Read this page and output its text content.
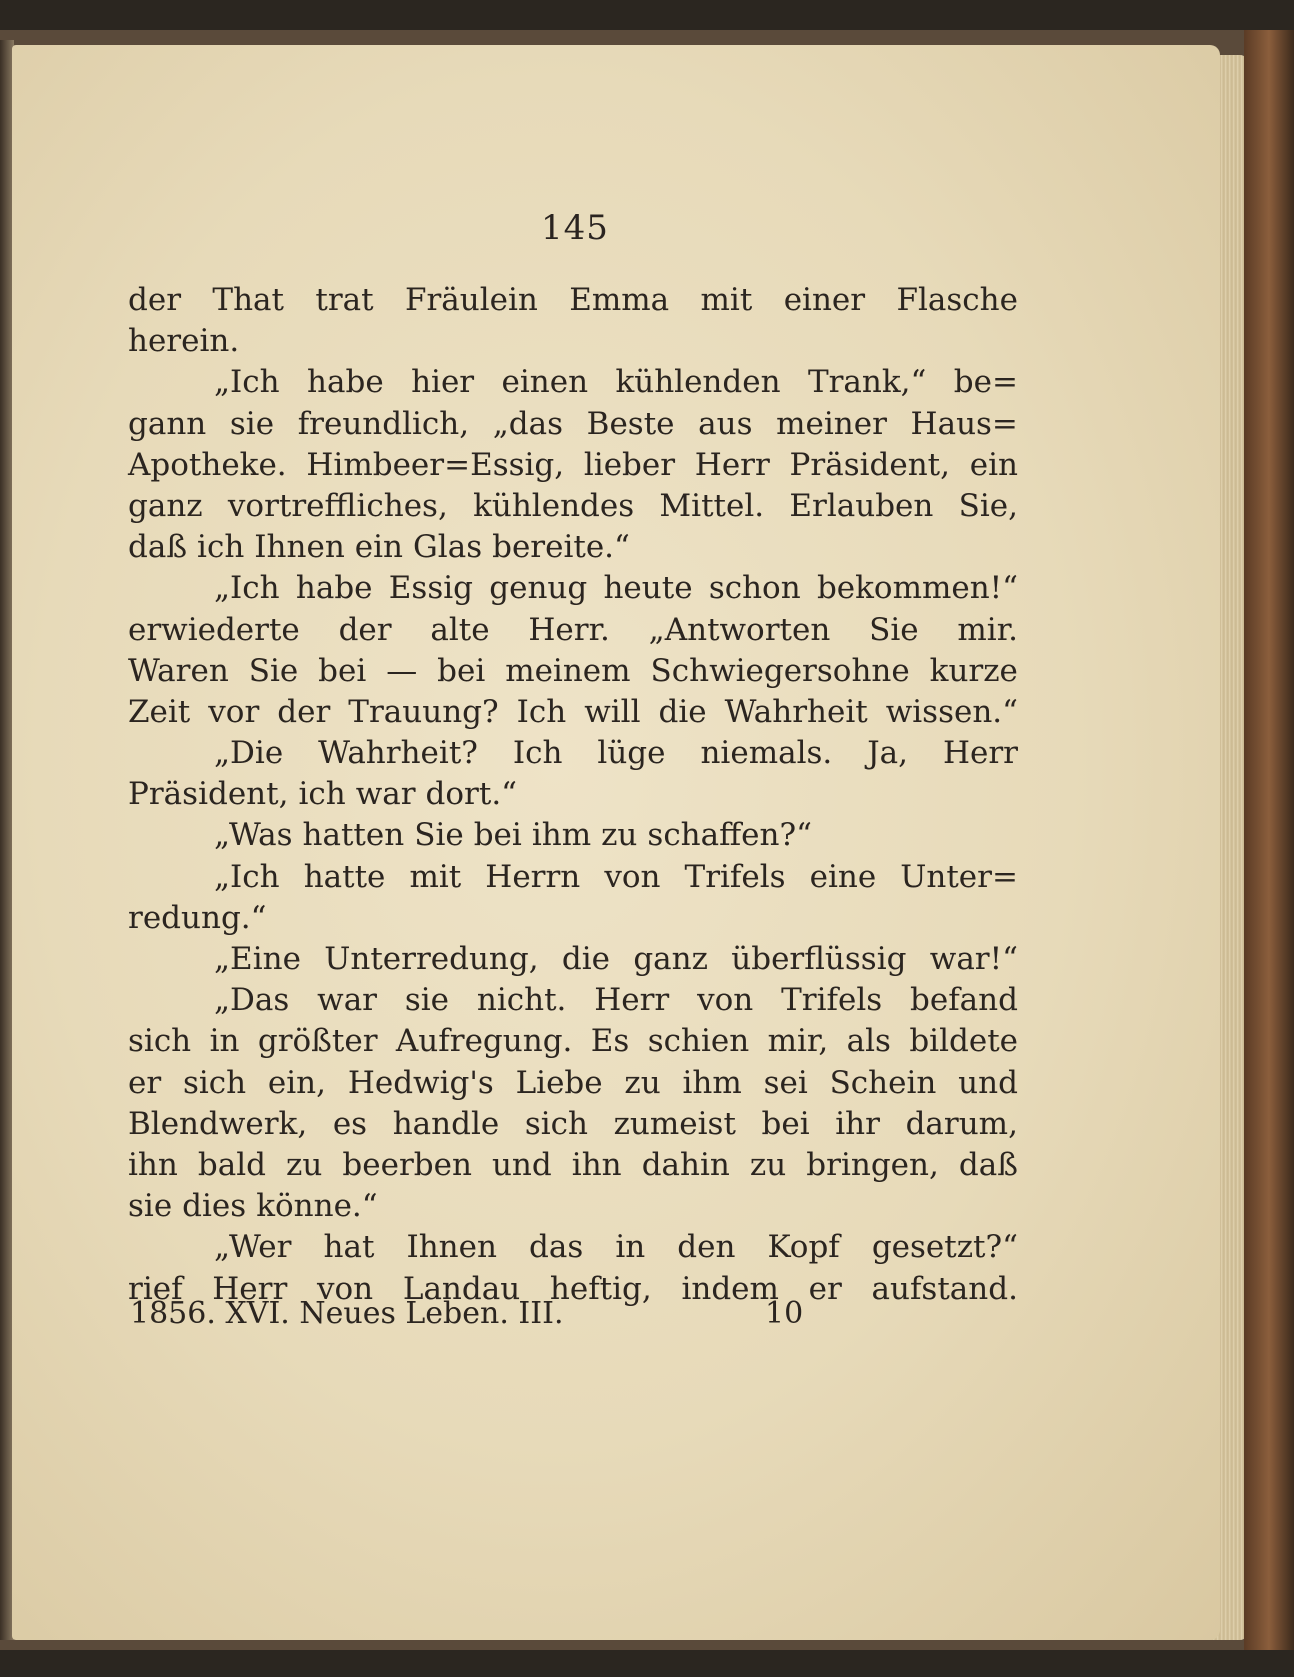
145
der That trat Fräulein Emma mit einer Flasche
herein.
„Ich habe hier einen kühlenden Trank,“ be=
gann sie freundlich, „das Beste aus meiner Haus=
Apotheke. Himbeer=Essig, lieber Herr Präsident, ein
ganz vortreffliches, kühlendes Mittel. Erlauben Sie,
daß ich Ihnen ein Glas bereite.“
„Ich habe Essig genug heute schon bekommen!“
erwiederte der alte Herr. „Antworten Sie mir.
Waren Sie bei — bei meinem Schwiegersohne kurze
Zeit vor der Trauung? Ich will die Wahrheit wissen.“
„Die Wahrheit? Ich lüge niemals. Ja, Herr
Präsident, ich war dort.“
„Was hatten Sie bei ihm zu schaffen?“
„Ich hatte mit Herrn von Trifels eine Unter=
redung.“
„Eine Unterredung, die ganz überflüssig war!“
„Das war sie nicht. Herr von Trifels befand
sich in größter Aufregung. Es schien mir, als bildete
er sich ein, Hedwig's Liebe zu ihm sei Schein und
Blendwerk, es handle sich zumeist bei ihr darum,
ihn bald zu beerben und ihn dahin zu bringen, daß
sie dies könne.“
„Wer hat Ihnen das in den Kopf gesetzt?“
rief Herr von Landau heftig, indem er aufstand.
1856. XVI. Neues Leben. III.	10
